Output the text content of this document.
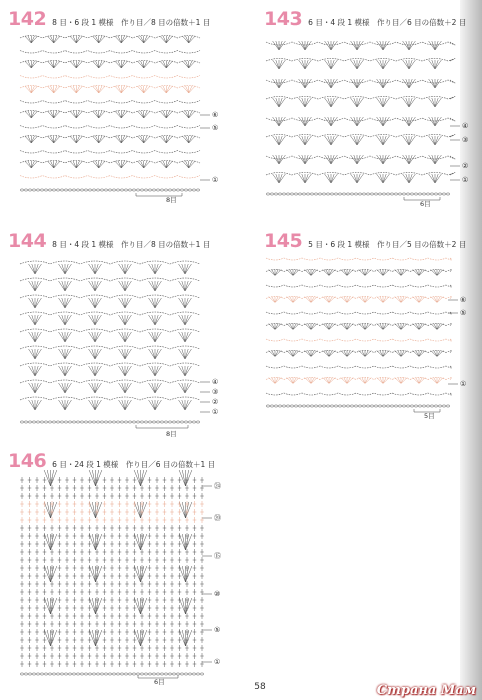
142 8 目・6 段 1 模様　作り目／8 目の倍数＋1 目
⑥
⑤
①
8目
143 6 目・4 段 1 模様　作り目／6 目の倍数＋2 目
④
③
②
①
6目
144 8 目・4 段 1 模様　作り目／8 目の倍数＋1 目
④
③
②
①
8目
145 5 目・6 段 1 模様　作り目／5 目の倍数＋2 目
⑥
⑤
①
5目
146 6 目・24 段 1 模様　作り目／6 目の倍数＋1 目
㉔
⑳
⑮
⑩
⑤
①
6目	58	Страна Мам
